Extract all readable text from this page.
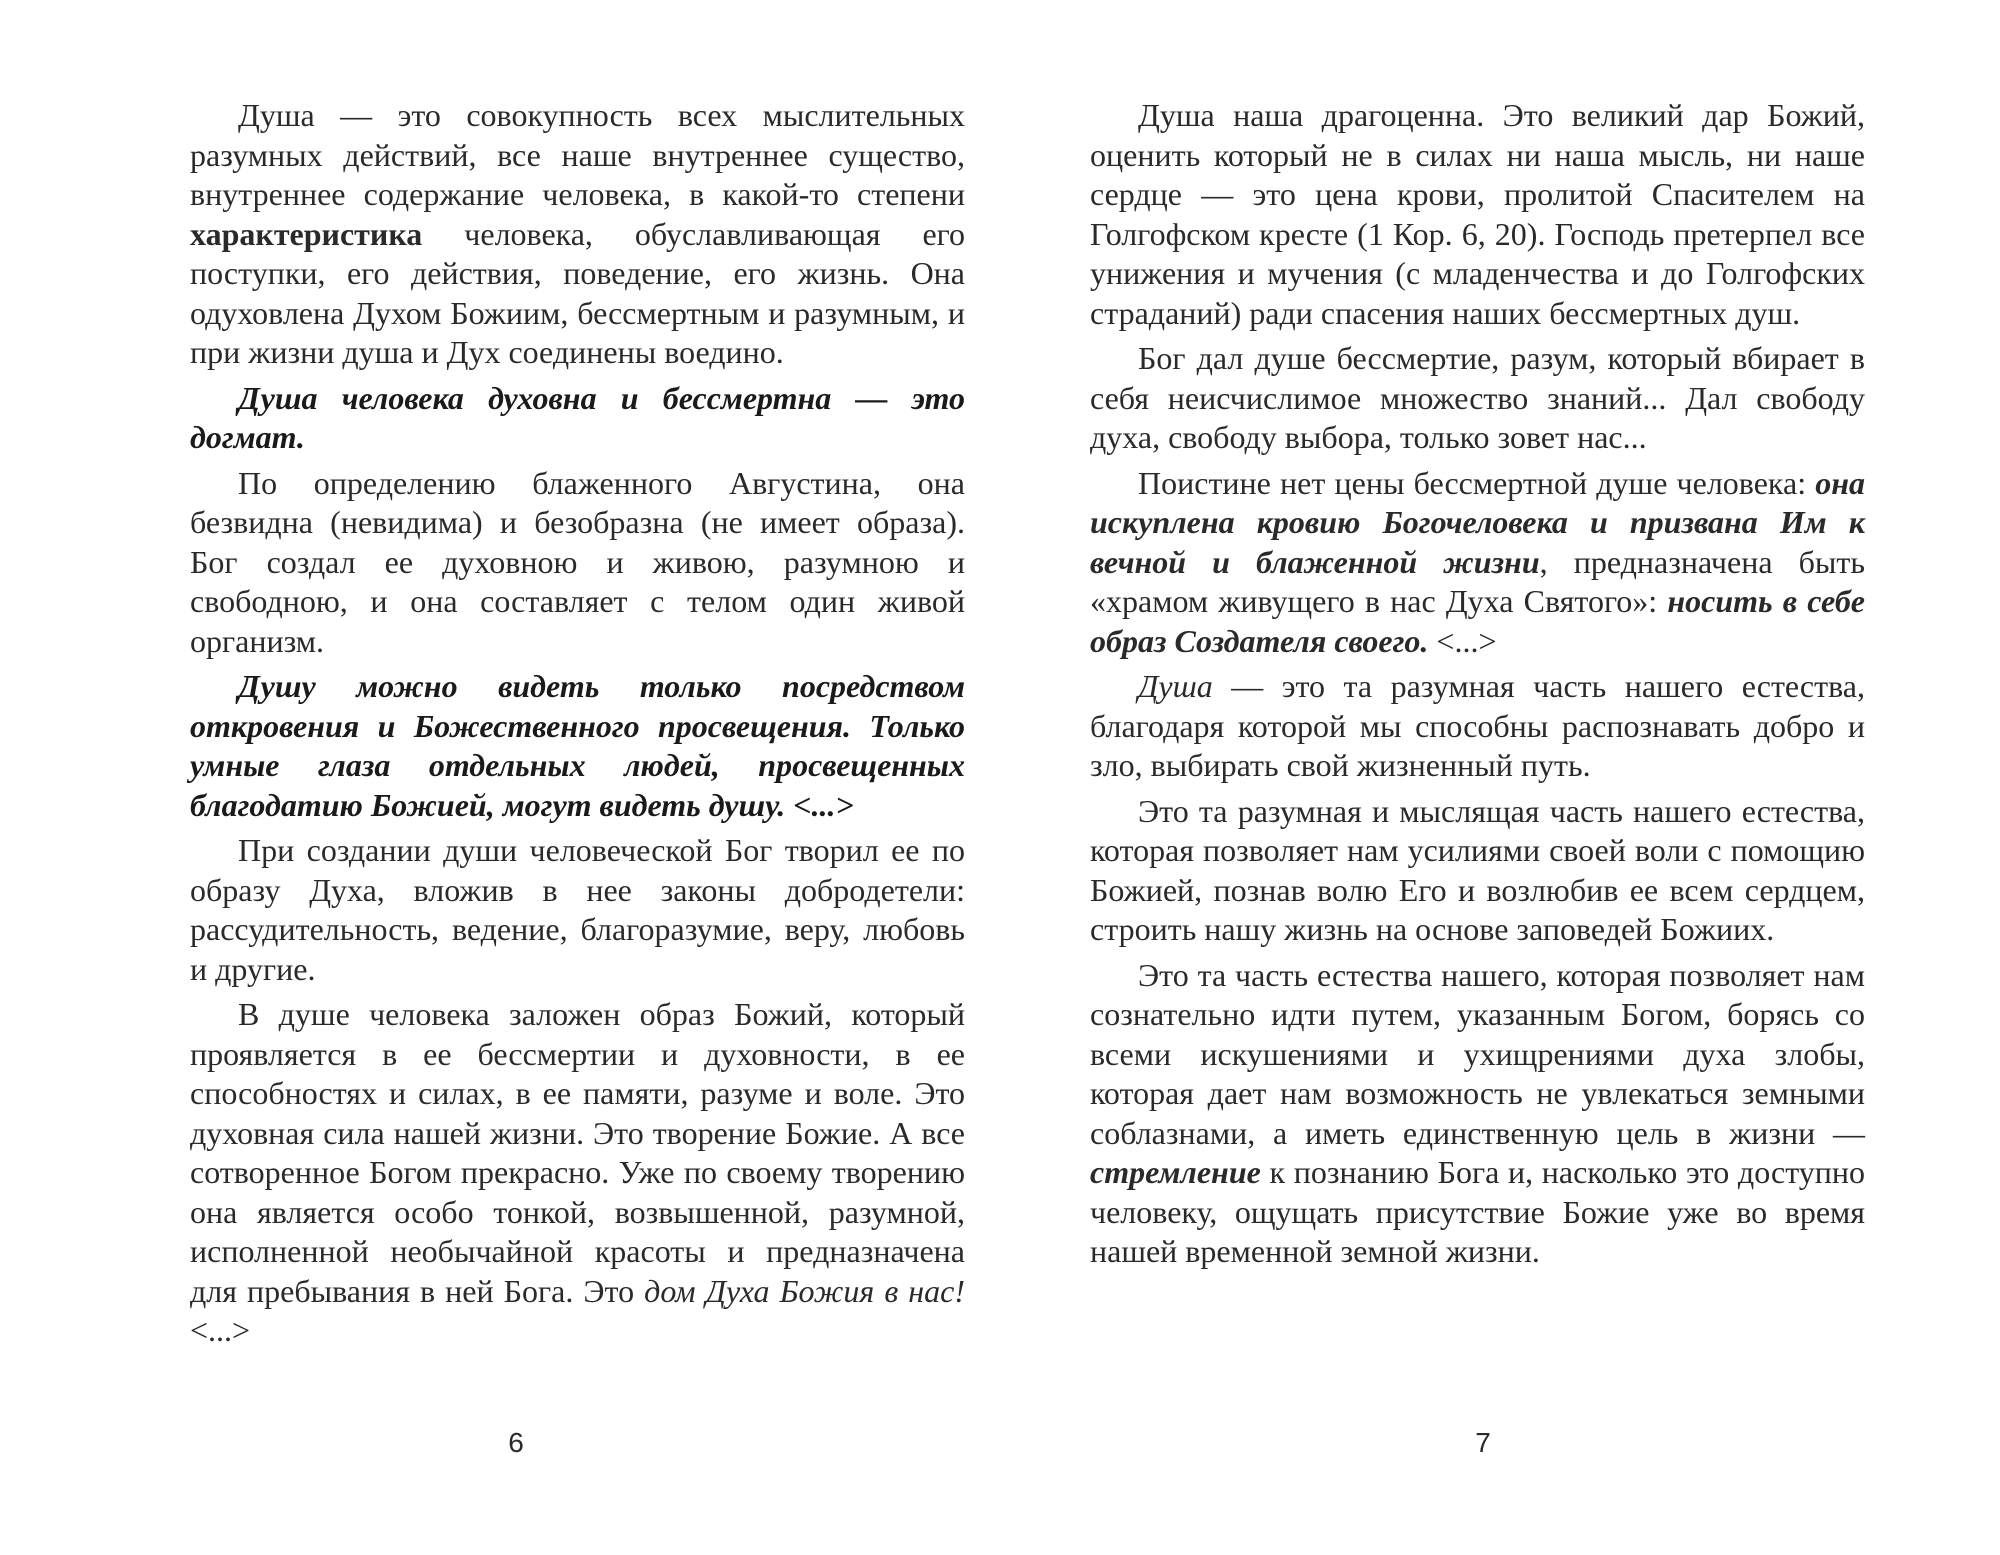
Душа — это совокупность всех мыслительных разумных действий, все наше внутреннее существо, внутреннее содержание человека, в какой-то степени характеристика человека, обуславливающая его поступки, его действия, поведение, его жизнь. Она одуховлена Духом Божиим, бессмертным и разумным, и при жизни душа и Дух соединены воедино.

Душа человека духовна и бессмертна — это догмат.

По определению блаженного Августина, она безвидна (невидима) и безобразна (не имеет образа). Бог создал ее духовною и живою, разумною и свободною, и она составляет с телом один живой организм.

Душу можно видеть только посредством откровения и Божественного просвещения. Только умные глаза отдельных людей, просвещенных благодатию Божией, могут видеть душу. <...>

При создании души человеческой Бог творил ее по образу Духа, вложив в нее законы добродетели: рассудительность, ведение, благоразумие, веру, любовь и другие.

В душе человека заложен образ Божий, который проявляется в ее бессмертии и духовности, в ее способностях и силах, в ее памяти, разуме и воле. Это духовная сила нашей жизни. Это творение Божие. А все сотворенное Богом прекрасно. Уже по своему творению она является особо тонкой, возвышенной, разумной, исполненной необычайной красоты и предназначена для пребывания в ней Бога. Это дом Духа Божия в нас! <...>

6

Душа наша драгоценна. Это великий дар Божий, оценить который не в силах ни наша мысль, ни наше сердце — это цена крови, пролитой Спасителем на Голгофском кресте (1 Кор. 6, 20). Господь претерпел все унижения и мучения (с младенчества и до Голгофских страданий) ради спасения наших бессмертных душ.

Бог дал душе бессмертие, разум, который вбирает в себя неисчислимое множество знаний... Дал свободу духа, свободу выбора, только зовет нас...

Поистине нет цены бессмертной душе человека: она искуплена кровию Богочеловека и призвана Им к вечной и блаженной жизни, предназначена быть «храмом живущего в нас Духа Святого»: носить в себе образ Создателя своего. <...>

Душа — это та разумная часть нашего естества, благодаря которой мы способны распознавать добро и зло, выбирать свой жизненный путь.

Это та разумная и мыслящая часть нашего естества, которая позволяет нам усилиями своей воли с помощию Божией, познав волю Его и возлюбив ее всем сердцем, строить нашу жизнь на основе заповедей Божиих.

Это та часть естества нашего, которая позволяет нам сознательно идти путем, указанным Богом, борясь со всеми искушениями и ухищрениями духа злобы, которая дает нам возможность не увлекаться земными соблазнами, а иметь единственную цель в жизни — стремление к познанию Бога и, насколько это доступно человеку, ощущать присутствие Божие уже во время нашей временной земной жизни.

7
